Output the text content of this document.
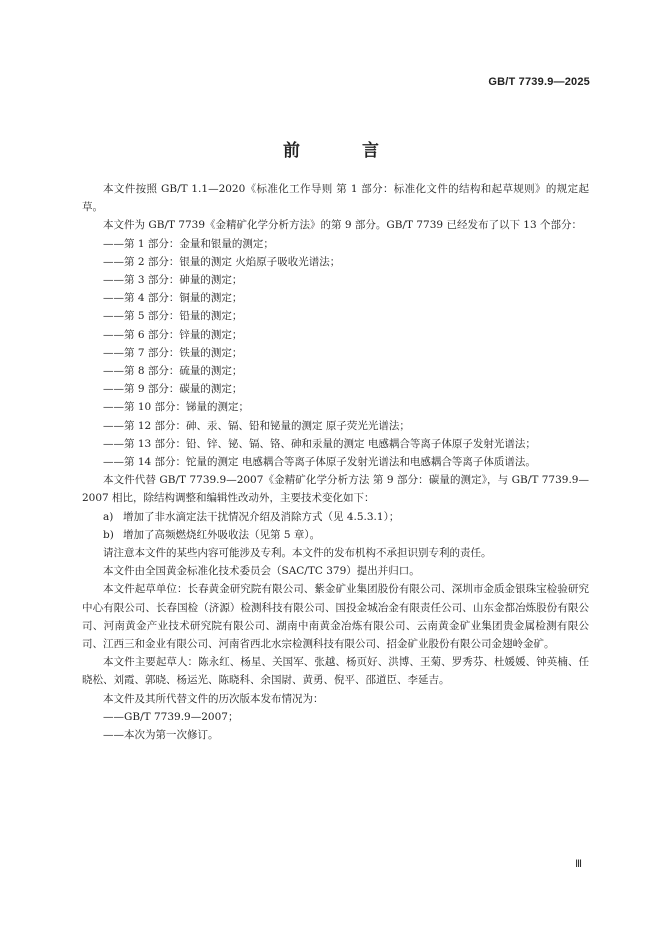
GB/T 7739.9—2025
前 言

本文件按照 GB/T 1.1—2020《标准化工作导则 第 1 部分：标准化文件的结构和起草规则》的规定起草。

本文件为 GB/T 7739《金精矿化学分析方法》的第 9 部分。GB/T 7739 已经发布了以下 13 个部分：

——第 1 部分：金量和银量的测定；

——第 2 部分：银量的测定 火焰原子吸收光谱法；

——第 3 部分：砷量的测定；

——第 4 部分：铜量的测定；

——第 5 部分：铅量的测定；

——第 6 部分：锌量的测定；

——第 7 部分：铁量的测定；

——第 8 部分：硫量的测定；

——第 9 部分：碳量的测定；

——第 10 部分：锑量的测定；

——第 12 部分：砷、汞、镉、铅和铋量的测定 原子荧光光谱法；

——第 13 部分：铅、锌、铋、镉、铬、砷和汞量的测定 电感耦合等离子体原子发射光谱法；

——第 14 部分：铊量的测定 电感耦合等离子体原子发射光谱法和电感耦合等离子体质谱法。

本文件代替 GB/T 7739.9—2007《金精矿化学分析方法 第 9 部分：碳量的测定》，与 GB/T 7739.9—2007 相比，除结构调整和编辑性改动外，主要技术变化如下：

a) 增加了非水滴定法干扰情况介绍及消除方式（见 4.5.3.1）；

b) 增加了高频燃烧红外吸收法（见第 5 章）。

请注意本文件的某些内容可能涉及专利。本文件的发布机构不承担识别专利的责任。

本文件由全国黄金标准化技术委员会（SAC/TC 379）提出并归口。

本文件起草单位：长春黄金研究院有限公司、紫金矿业集团股份有限公司、深圳市金质金银珠宝检验研究中心有限公司、长春国检（济源）检测科技有限公司、国投金城冶金有限责任公司、山东金都冶炼股份有限公司、河南黄金产业技术研究院有限公司、湖南中南黄金冶炼有限公司、云南黄金矿业集团贵金属检测有限公司、江西三和金业有限公司、河南省西北水宗检测科技有限公司、招金矿业股份有限公司金翅岭金矿。

本文件主要起草人：陈永红、杨星、关国军、张越、杨页好、洪博、王菊、罗秀芬、杜媛媛、钟英楠、任晓松、刘霞、郭晓、杨运光、陈晓科、余国尉、黄勇、倪平、邵道臣、李延吉。

本文件及其所代替文件的历次版本发布情况为：

——GB/T 7739.9—2007；

——本次为第一次修订。

Ⅲ
